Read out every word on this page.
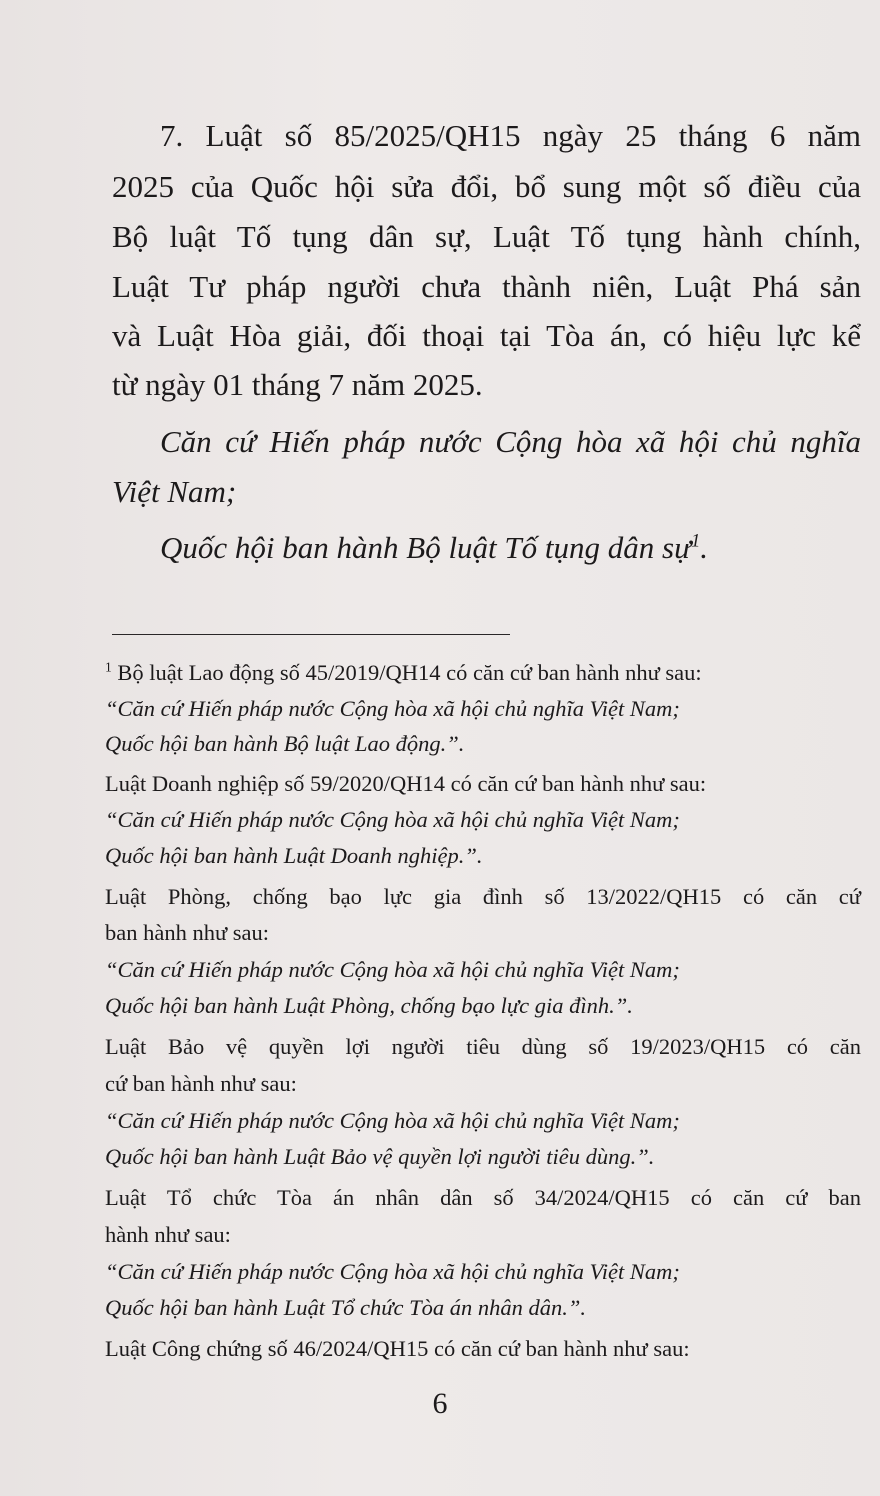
7. Luật số 85/2025/QH15 ngày 25 tháng 6 năm

2025 của Quốc hội sửa đổi, bổ sung một số điều của

Bộ luật Tố tụng dân sự, Luật Tố tụng hành chính,

Luật Tư pháp người chưa thành niên, Luật Phá sản

và Luật Hòa giải, đối thoại tại Tòa án, có hiệu lực kể

từ ngày 01 tháng 7 năm 2025.

Căn cứ Hiến pháp nước Cộng hòa xã hội chủ nghĩa

Việt Nam;

Quốc hội ban hành Bộ luật Tố tụng dân sự$^1$.

$^1$ Bộ luật Lao động số 45/2019/QH14 có căn cứ ban hành như sau:

“Căn cứ Hiến pháp nước Cộng hòa xã hội chủ nghĩa Việt Nam;

Quốc hội ban hành Bộ luật Lao động.”.

Luật Doanh nghiệp số 59/2020/QH14 có căn cứ ban hành như sau:

“Căn cứ Hiến pháp nước Cộng hòa xã hội chủ nghĩa Việt Nam;

Quốc hội ban hành Luật Doanh nghiệp.”.

Luật Phòng, chống bạo lực gia đình số 13/2022/QH15 có căn cứ

ban hành như sau:

“Căn cứ Hiến pháp nước Cộng hòa xã hội chủ nghĩa Việt Nam;

Quốc hội ban hành Luật Phòng, chống bạo lực gia đình.”.

Luật Bảo vệ quyền lợi người tiêu dùng số 19/2023/QH15 có căn

cứ ban hành như sau:

“Căn cứ Hiến pháp nước Cộng hòa xã hội chủ nghĩa Việt Nam;

Quốc hội ban hành Luật Bảo vệ quyền lợi người tiêu dùng.”.

Luật Tổ chức Tòa án nhân dân số 34/2024/QH15 có căn cứ ban

hành như sau:

“Căn cứ Hiến pháp nước Cộng hòa xã hội chủ nghĩa Việt Nam;

Quốc hội ban hành Luật Tổ chức Tòa án nhân dân.”.

Luật Công chứng số 46/2024/QH15 có căn cứ ban hành như sau:

6
